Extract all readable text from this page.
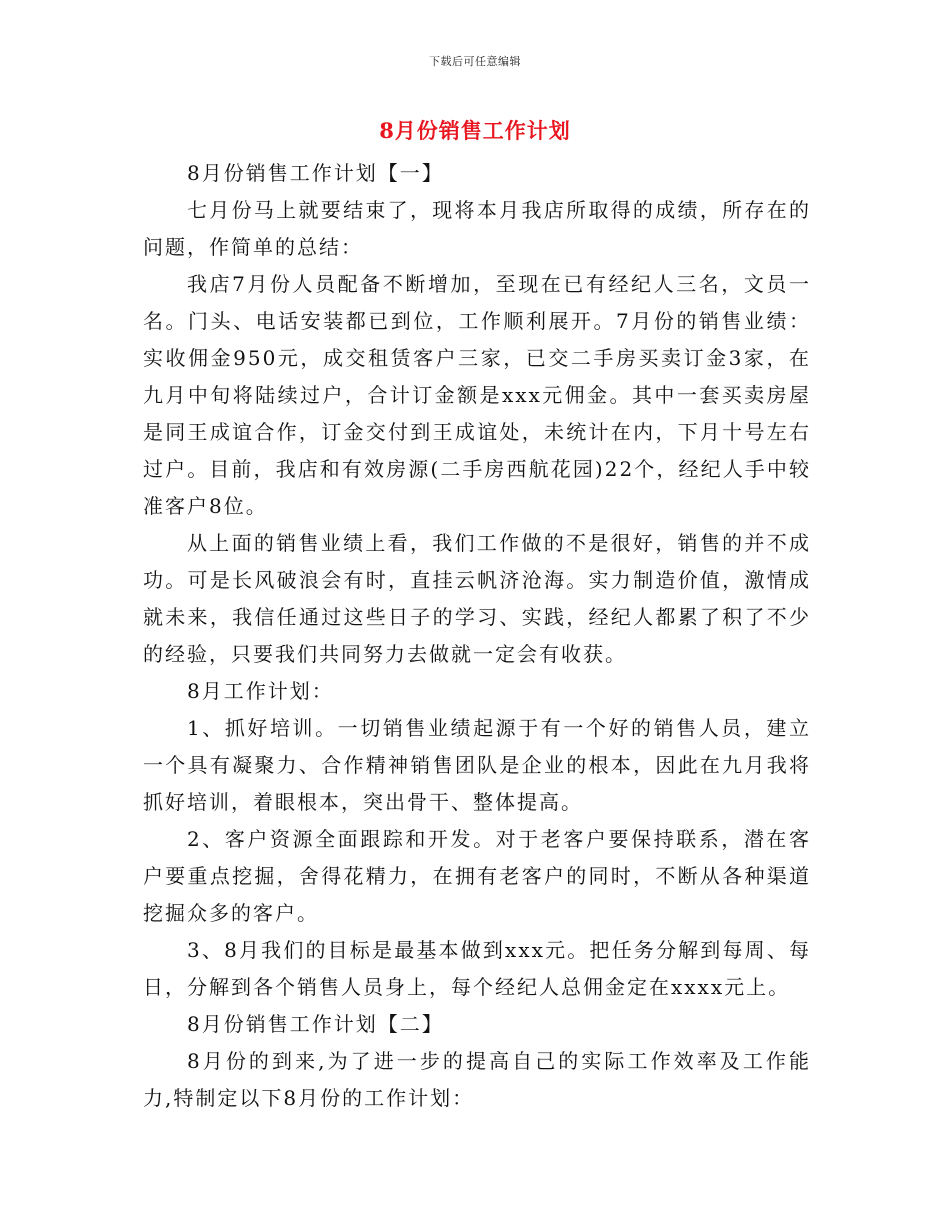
下载后可任意编辑
8月份销售工作计划

8月份销售工作计划【一】

七月份马上就要结束了，现将本月我店所取得的成绩，所存在的问题，作简单的总结：

我店7月份人员配备不断增加，至现在已有经纪人三名，文员一名。门头、电话安装都已到位，工作顺利展开。7月份的销售业绩：实收佣金950元，成交租赁客户三家，已交二手房买卖订金3家，在九月中旬将陆续过户，合计订金额是xxx元佣金。其中一套买卖房屋是同王成谊合作，订金交付到王成谊处，未统计在内，下月十号左右过户。目前，我店和有效房源(二手房西航花园)22个，经纪人手中较准客户8位。

从上面的销售业绩上看，我们工作做的不是很好，销售的并不成功。可是长风破浪会有时，直挂云帆济沧海。实力制造价值，激情成就未来，我信任通过这些日子的学习、实践，经纪人都累了积了不少的经验，只要我们共同努力去做就一定会有收获。

8月工作计划：

1、抓好培训。一切销售业绩起源于有一个好的销售人员，建立一个具有凝聚力、合作精神销售团队是企业的根本，因此在九月我将抓好培训，着眼根本，突出骨干、整体提高。

2、客户资源全面跟踪和开发。对于老客户要保持联系，潜在客户要重点挖掘，舍得花精力，在拥有老客户的同时，不断从各种渠道挖掘众多的客户。

3、8月我们的目标是最基本做到xxx元。把任务分解到每周、每日，分解到各个销售人员身上，每个经纪人总佣金定在xxxx元上。

8月份销售工作计划【二】

8月份的到来,为了进一步的提高自己的实际工作效率及工作能力,特制定以下8月份的工作计划：
